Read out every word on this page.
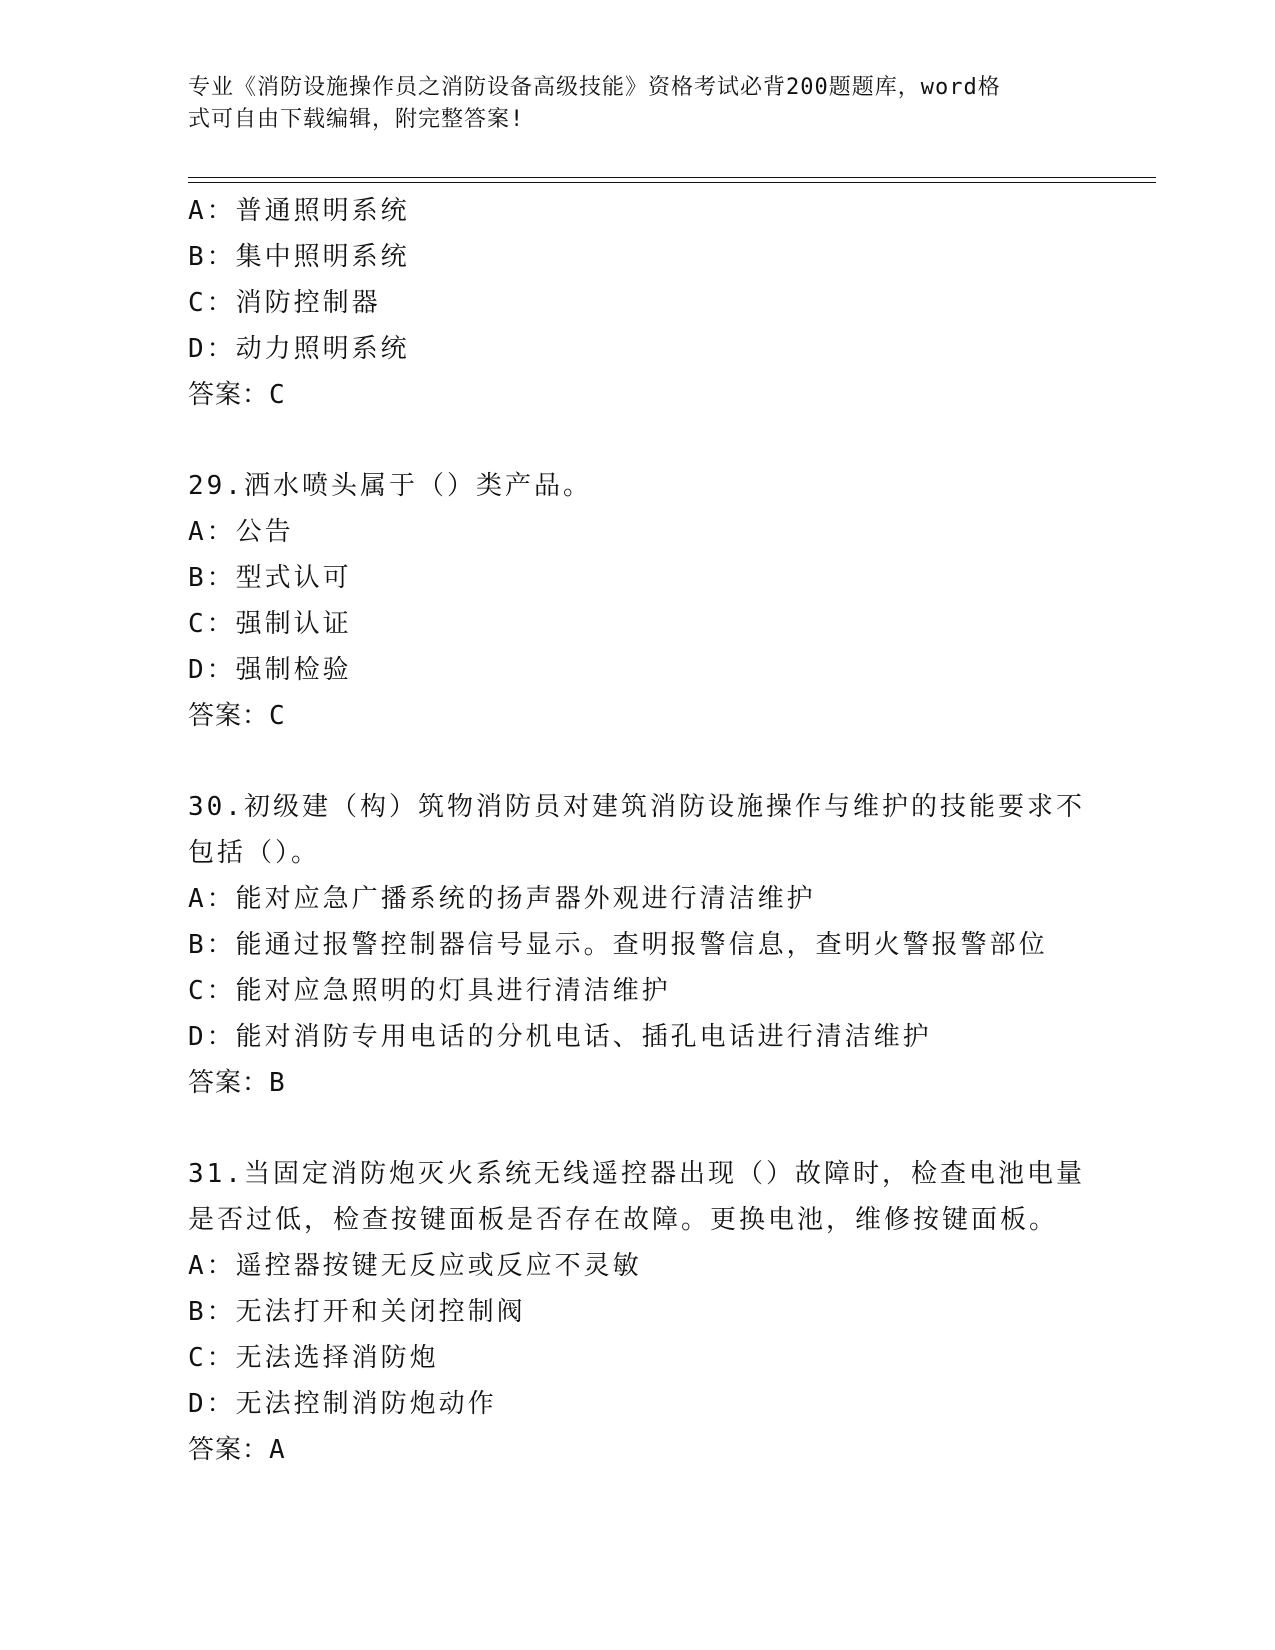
专业《消防设施操作员之消防设备高级技能》资格考试必背200题题库，word格
式可自由下载编辑，附完整答案!
A：普通照明系统
B：集中照明系统
C：消防控制器
D：动力照明系统
答案：C
29.洒水喷头属于（）类产品。
A：公告
B：型式认可
C：强制认证
D：强制检验
答案：C
30.初级建（构）筑物消防员对建筑消防设施操作与维护的技能要求不
包括（）。
A：能对应急广播系统的扬声器外观进行清洁维护
B：能通过报警控制器信号显示。查明报警信息，查明火警报警部位
C：能对应急照明的灯具进行清洁维护
D：能对消防专用电话的分机电话、插孔电话进行清洁维护
答案：B
31.当固定消防炮灭火系统无线遥控器出现（）故障时，检查电池电量
是否过低，检查按键面板是否存在故障。更换电池，维修按键面板。
A：遥控器按键无反应或反应不灵敏
B：无法打开和关闭控制阀
C：无法选择消防炮
D：无法控制消防炮动作
答案：A
